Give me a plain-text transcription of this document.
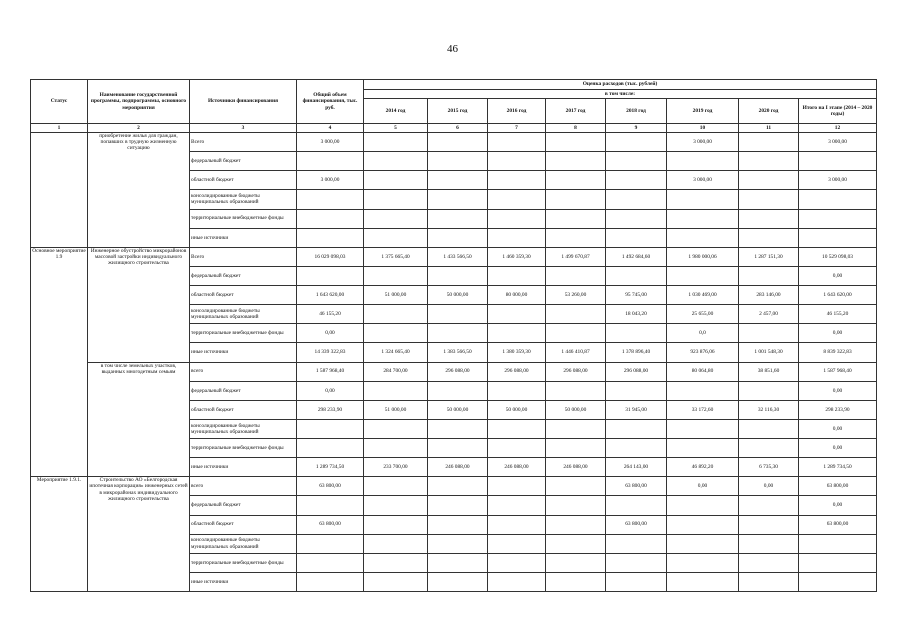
46
Статус	Наименование государственной программы, подпрограммы, основного мероприятия	Источники финансирования	Общий объем финансирования, тыс. руб.	Оценка расходов (тыс. рублей)							
				в том числе:							
				2014 год	2015 год	2016 год	2017 год	2018 год	2019 год	2020 год	Итого на I этапе (2014 – 2020 годы)
1	2	3	4	5	6	7	8	9	10	11	12
	приобретение жилья для граждан, попавших в трудную жизненную ситуацию	Всего	3 000,00						3 000,00		3 000,00
		федеральный бюджет									
		областной бюджет	3 000,00						3 000,00		3 000,00
		консолидированные бюджеты муниципальных образований									
		территориальные внебюджетные фонды									
		иные источники									
Основное мероприятие 1.9	Инженерное обустройство микрорайонов массовой застройки индивидуального жилищного строительства	Всего	16 029 098,03	1 375 665,40	1 433 566,50	1 460 359,30	1 499 670,87	1 492 684,60	1 980 000,06	1 287 151,30	10 529 098,03
		федеральный бюджет									0,00
		областной бюджет	1 643 620,00	51 000,00	50 000,00	80 000,00	53 260,00	95 745,00	1 030 469,00	283 146,00	1 643 620,00
		консолидированные бюджеты муниципальных образований	46 155,20					18 043,20	25 655,00	2 457,00	46 155,20
		территориальные внебюджетные фонды	0,00						0,0		0,00
		иные источники	14 339 322,83	1 324 665,40	1 383 566,50	1 380 359,30	1 446 410,87	1 378 896,40	923 876,06	1 001 548,30	8 839 322,83
	в том числе земельных участков, выданных многодетным семьям	всего	1 587 968,40	284 700,00	296 088,00	296 088,00	296 088,00	296 088,00	80 064,80	38 851,60	1 587 968,40
		федеральный бюджет	0,00								0,00
		областной бюджет	298 233,90	51 000,00	50 000,00	50 000,00	50 000,00	31 945,00	33 172,60	32 116,30	298 233,90
		консолидированные бюджеты муниципальных образований									0,00
		территориальные внебюджетные фонды									0,00
		иные источники	1 289 734,50	233 700,00	246 088,00	246 088,00	246 088,00	264 143,00	46 892,20	6 735,30	1 289 734,50
Мероприятие 1.9.1.	Строительство АО «Белгородская ипотечная корпорация» инженерных сетей в микрорайонах индивидуального жилищного строительства	всего	63 800,00					63 800,00	0,00	0,00	63 800,00
		федеральный бюджет									0,00
		областной бюджет	63 800,00					63 800,00			63 800,00
		консолидированные бюджеты муниципальных образований									
		территориальные внебюджетные фонды									
		иные источники									
